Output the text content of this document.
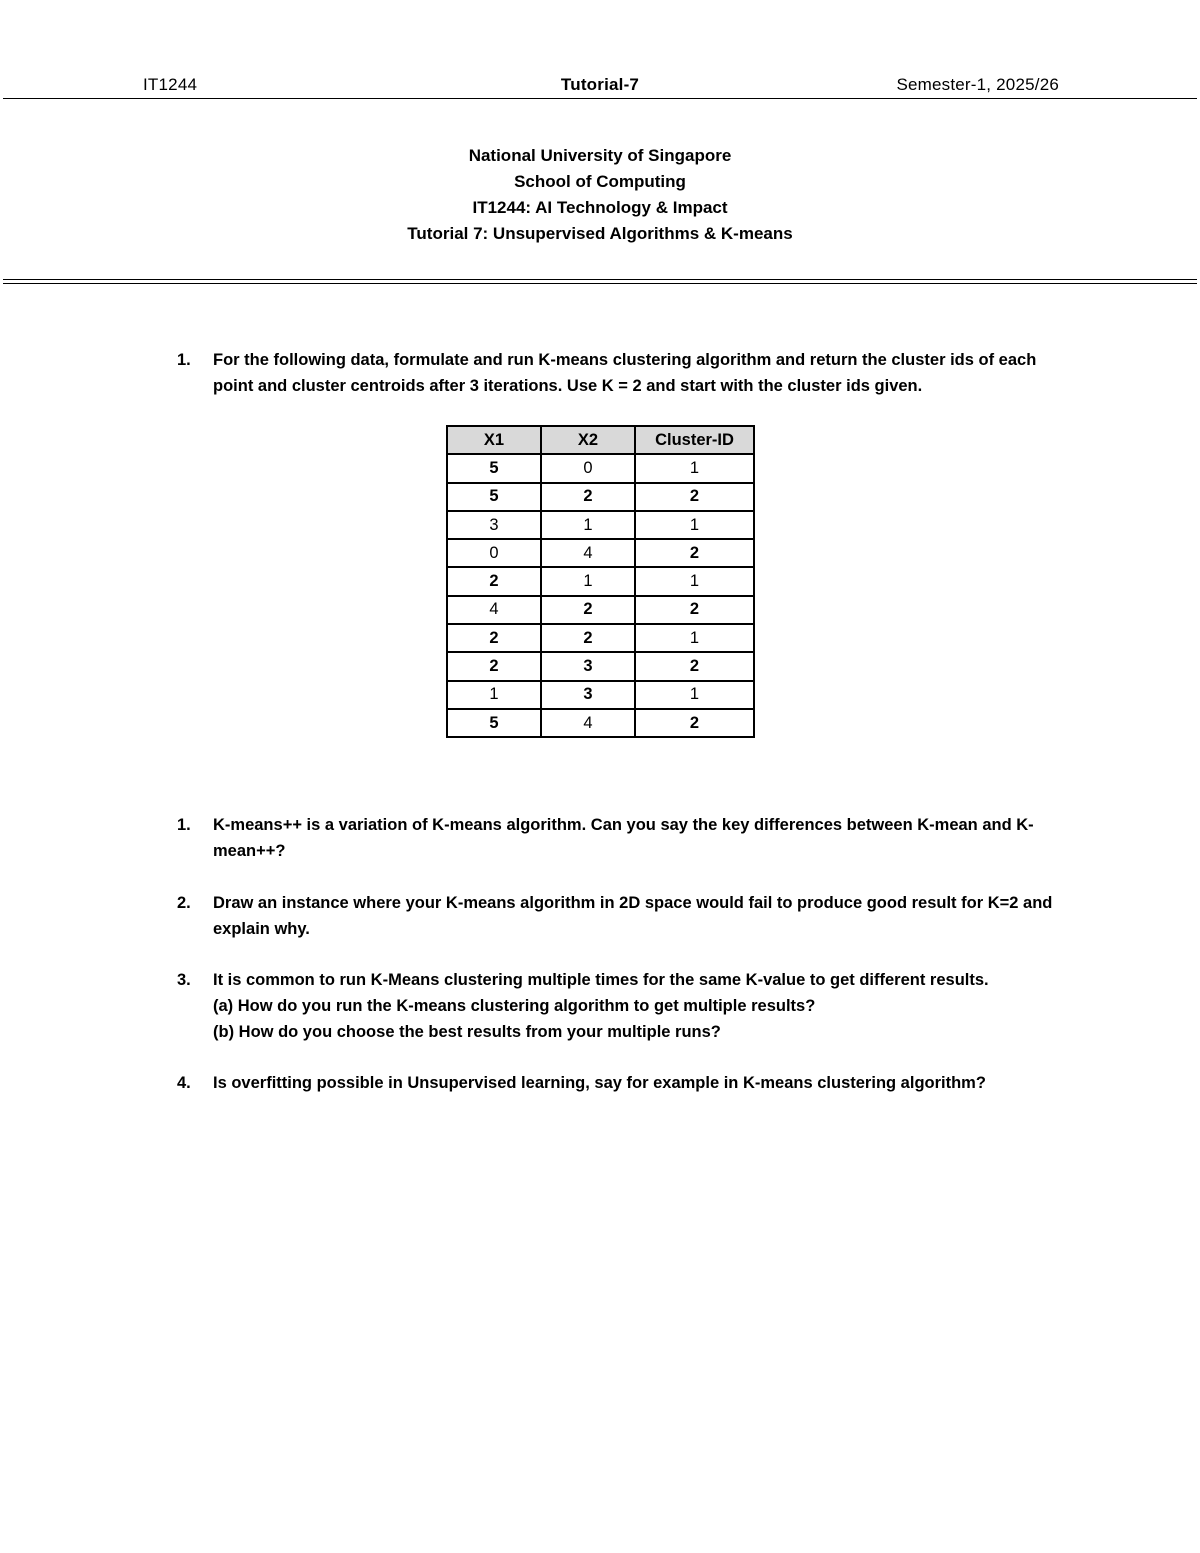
IT1244	Tutorial-7	Semester-1, 2025/26
National University of Singapore
School of Computing
IT1244: AI Technology & Impact
Tutorial 7: Unsupervised Algorithms & K-means
1. For the following data, formulate and run K-means clustering algorithm and return the cluster ids of each
point and cluster centroids after 3 iterations. Use K = 2 and start with the cluster ids given.
X1	X2	Cluster-ID
5	0	1
5	2	2
3	1	1
0	4	2
2	1	1
4	2	2
2	2	1
2	3	2
1	3	1
5	4	2
1. K-means++ is a variation of K-means algorithm. Can you say the key differences between K-mean and K-
mean++?
2. Draw an instance where your K-means algorithm in 2D space would fail to produce good result for K=2 and
explain why.
3. It is common to run K-Means clustering multiple times for the same K-value to get different results.
(a) How do you run the K-means clustering algorithm to get multiple results?
(b) How do you choose the best results from your multiple runs?
4. Is overfitting possible in Unsupervised learning, say for example in K-means clustering algorithm?
